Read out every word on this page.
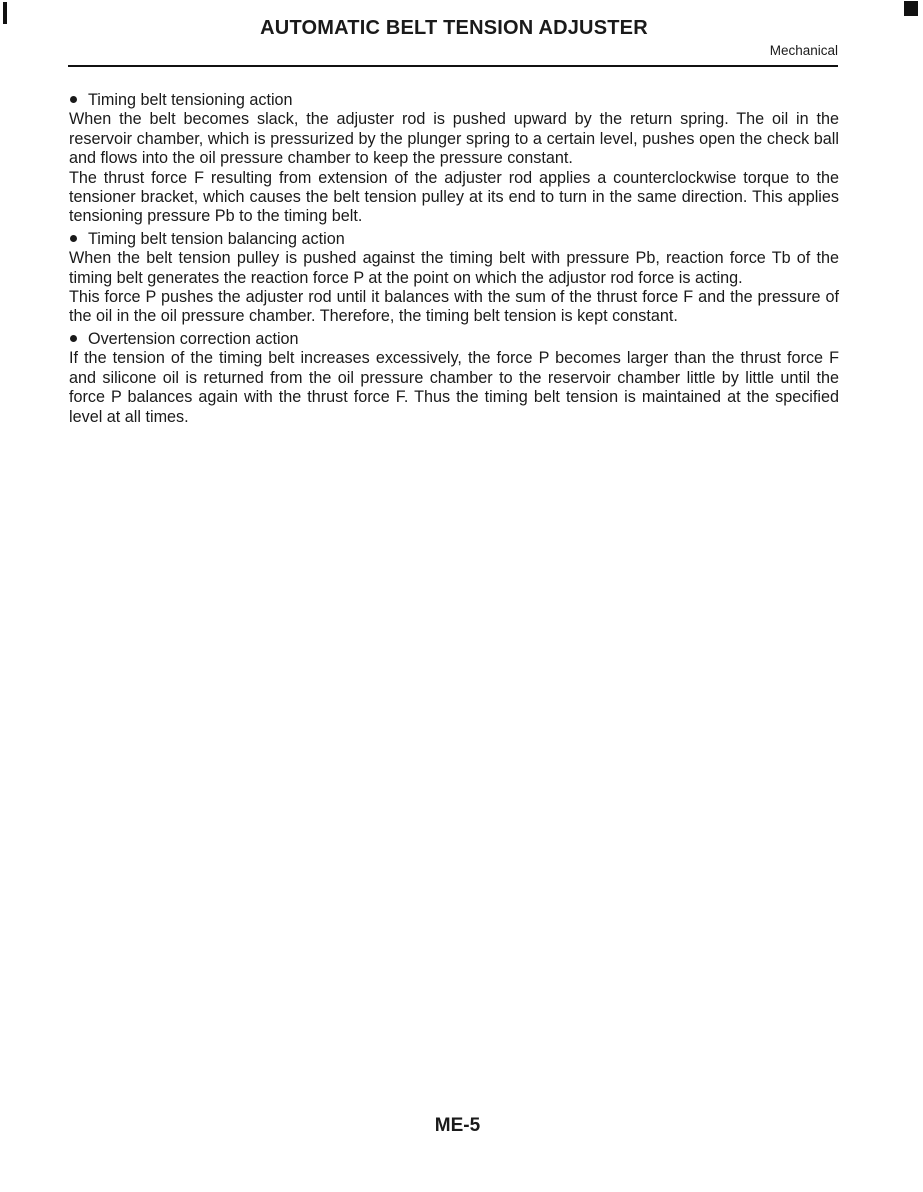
AUTOMATIC BELT TENSION ADJUSTER
Mechanical
Timing belt tensioning action
When the belt becomes slack, the adjuster rod is pushed upward by the return spring. The oil in the reservoir chamber, which is pressurized by the plunger spring to a certain level, pushes open the check ball and flows into the oil pressure chamber to keep the pressure constant.
The thrust force F resulting from extension of the adjuster rod applies a counterclockwise torque to the tensioner bracket, which causes the belt tension pulley at its end to turn in the same direction. This applies tensioning pressure Pb to the timing belt.
Timing belt tension balancing action
When the belt tension pulley is pushed against the timing belt with pressure Pb, reaction force Tb of the timing belt generates the reaction force P at the point on which the adjustor rod force is acting.
This force P pushes the adjuster rod until it balances with the sum of the thrust force F and the pressure of the oil in the oil pressure chamber. Therefore, the timing belt tension is kept constant.
Overtension correction action
If the tension of the timing belt increases excessively, the force P becomes larger than the thrust force F and silicone oil is returned from the oil pressure chamber to the reservoir chamber little by little until the force P balances again with the thrust force F. Thus the timing belt tension is maintained at the specified level at all times.
ME-5
